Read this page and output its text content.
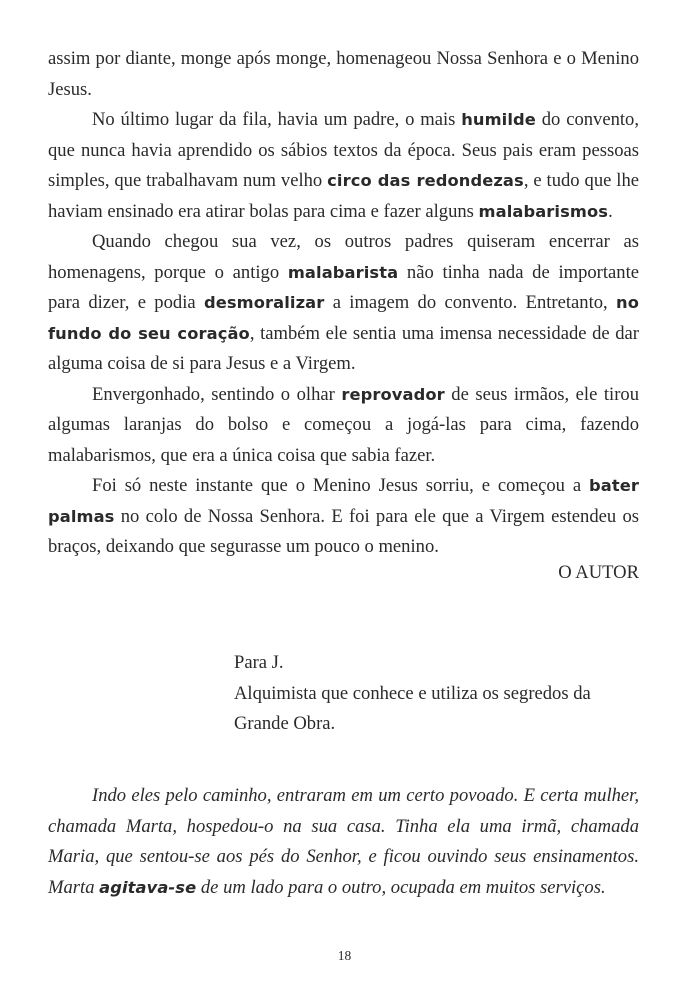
assim por diante, monge após monge, homenageou Nossa Senhora e o Menino Jesus.

No último lugar da fila, havia um padre, o mais humilde do convento, que nunca havia aprendido os sábios textos da época. Seus pais eram pessoas simples, que trabalhavam num velho circo das redondezas, e tudo que lhe haviam ensinado era atirar bolas para cima e fazer alguns malabarismos.

Quando chegou sua vez, os outros padres quiseram encerrar as homenagens, porque o antigo malabarista não tinha nada de importante para dizer, e podia desmoralizar a imagem do convento. Entretanto, no fundo do seu coração, também ele sentia uma imensa necessidade de dar alguma coisa de si para Jesus e a Virgem.

Envergonhado, sentindo o olhar reprovador de seus irmãos, ele tirou algumas laranjas do bolso e começou a jogá-las para cima, fazendo malabarismos, que era a única coisa que sabia fazer.

Foi só neste instante que o Menino Jesus sorriu, e começou a bater palmas no colo de Nossa Senhora. E foi para ele que a Virgem estendeu os braços, deixando que segurasse um pouco o menino.

O AUTOR
Para J.
Alquimista que conhece e utiliza os segredos da Grande Obra.

Indo eles pelo caminho, entraram em um certo povoado. E certa mulher, chamada Marta, hospedou-o na sua casa. Tinha ela uma irmã, chamada Maria, que sentou-se aos pés do Senhor, e ficou ouvindo seus ensinamentos. Marta agitava-se de um lado para o outro, ocupada em muitos serviços.

18
